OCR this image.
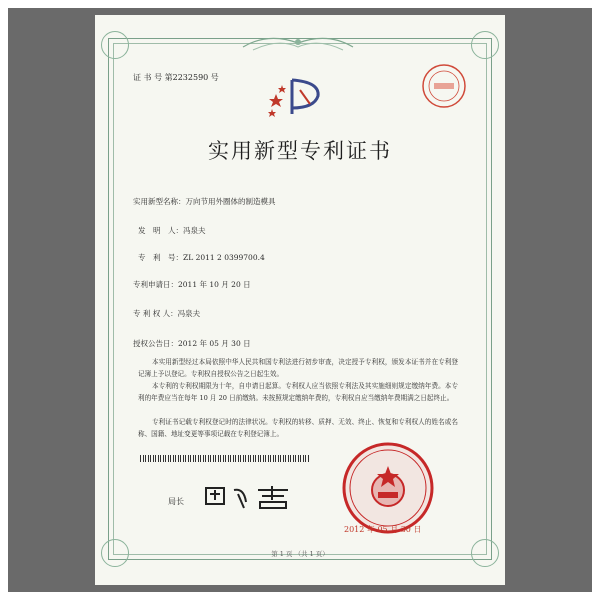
证 书 号 第2232590 号
实用新型专利证书
实用新型名称：万向节用外圈体的制造模具
发　明　人：冯泉夫
专　利　号：ZL 2011 2 0399700.4
专利申请日：2011 年 10 月 20 日
专 利 权 人：冯泉夫
授权公告日：2012 年 05 月 30 日
本实用新型经过本局依照中华人民共和国专利法进行初步审查，决定授予专利权，颁发本证书并在专利登记簿上予以登记。专利权自授权公告之日起生效。
本专利的专利权期限为十年，自申请日起算。专利权人应当依照专利法及其实施细则规定缴纳年费。本专利的年费应当在每年 10 月 20 日前缴纳。未按照规定缴纳年费的，专利权自应当缴纳年费期满之日起终止。
专利证书记载专利权登记时的法律状况。专利权的转移、质押、无效、终止、恢复和专利权人的姓名或名称、国籍、地址变更等事项记载在专利登记簿上。
局长
2012 年 05 月 30 日
第 1 页 （共 1 页）
